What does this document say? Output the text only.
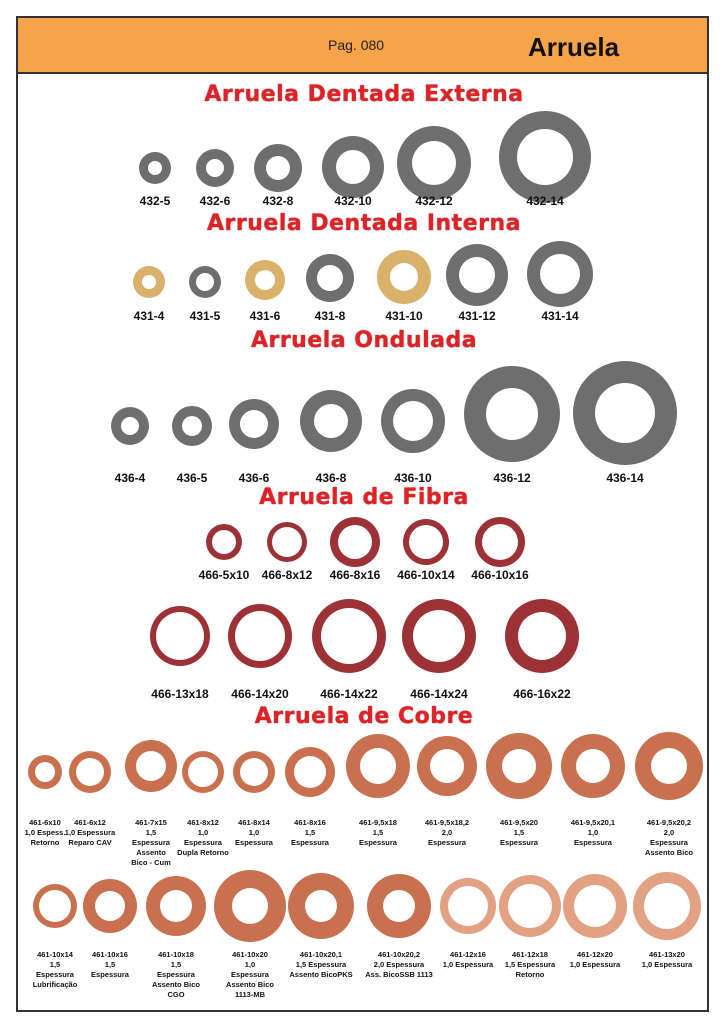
Pag. 080	Arruela
Arruela Dentada Externa
Arruela Dentada Interna
Arruela Ondulada
Arruela de Fibra
Arruela de Cobre
432-5 432-6	432-8	432-10	432-12	432-14
431-4 431-5 431-6	431-8	431-10	431-12	431-14
436-4	436-5	436-6	436-8	436-10	436-12	436-14
466-5x10 466-8x12 466-8x16 466-10x14 466-10x16
466-13x18 466-14x20	466-14x22	466-14x24	466-16x22
461-6x10
1,0 Espess.
Retorno
461-6x12
1,0 Espessura
Reparo CAV
461-7x15
1,5
Espessura
Assento
Bico - Cum
461-8x12
1,0
Espessura
Dupla Retorno
461-8x14
1,0
Espessura
461-8x16
1,5
Espessura
461-9,5x18
1,5
Espessura
461-9,5x18,2
2,0
Espessura
461-9,5x20
1,5
Espessura
461-9,5x20,1
1,0
Espessura
461-9,5x20,2
2,0
Espessura
Assento Bico
461-10x14
1,5
Espessura
Lubrificação
461-10x16
1,5
Espessura
461-10x18
1,5
Espessura
Assento Bico
CGO
461-10x20
1,0
Espessura
Assento Bico
1113-MB
461-10x20,1
1,5 Espessura
Assento BicoPKS
461-10x20,2
2,0 Espessura
Ass. BicoSSB 1113
461-12x16
1,0 Espessura
461-12x18
1,5 Espessura
Retorno
461-12x20
1,0 Espessura
461-13x20
1,0 Espessura
